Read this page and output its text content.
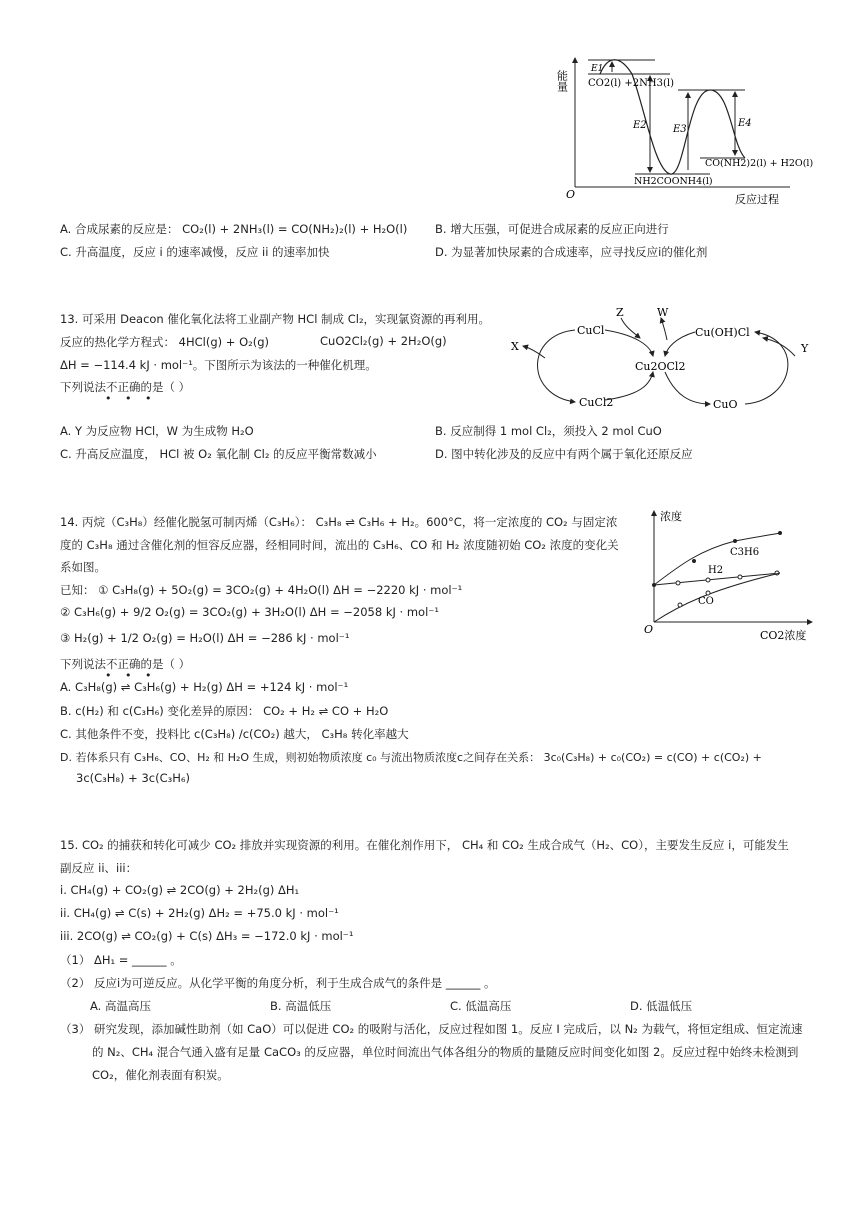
能量
O	反应过程
E1
E2	E3
E4
CO2(l) +2NH3(l)
CO(NH2)2(l) + H2O(l)
NH2COONH4(l)
A. 合成尿素的反应是： CO₂(l) + 2NH₃(l) = CO(NH₂)₂(l) + H₂O(l) B. 增大压强，可促进合成尿素的反应正向进行
C. 升高温度，反应 i 的速率减慢，反应 ii 的速率加快	D. 为显著加快尿素的合成速率，应寻找反应i的催化剂
13. 可采用 Deacon 催化氧化法将工业副产物 HCl 制成 Cl₂，实现氯资源的再利用。
反应的热化学方程式： 4HCl(g) + O₂(g)	CuO2Cl₂(g) + 2H₂O(g)
ΔH = −114.4 kJ · mol⁻¹。下图所示为该法的一种催化机理。
下列说法不正确的是（ ）
• • •
CuCl	Cu(OH)Cl
Cu2OCl2
CuCl2	CuO
X	Y
Z	W
A. Y 为反应物 HCl，W 为生成物 H₂O	B. 反应制得 1 mol Cl₂，须投入 2 mol CuO
C. 升高反应温度， HCl 被 O₂ 氧化制 Cl₂ 的反应平衡常数减小	D. 图中转化涉及的反应中有两个属于氧化还原反应
14. 丙烷（C₃H₈）经催化脱氢可制丙烯（C₃H₆）： C₃H₈ ⇌ C₃H₆ + H₂。600°C，将一定浓度的 CO₂ 与固定浓
度的 C₃H₈ 通过含催化剂的恒容反应器，经相同时间，流出的 C₃H₆、CO 和 H₂ 浓度随初始 CO₂ 浓度的变化关
系如图。
已知： ① C₃H₈(g) + 5O₂(g) = 3CO₂(g) + 4H₂O(l) ΔH = −2220 kJ · mol⁻¹
② C₃H₆(g) + 9/2 O₂(g) = 3CO₂(g) + 3H₂O(l) ΔH = −2058 kJ · mol⁻¹
③ H₂(g) + 1/2 O₂(g) = H₂O(l) ΔH = −286 kJ · mol⁻¹
下列说法不正确的是（ ）
• • •
A. C₃H₈(g) ⇌ C₃H₆(g) + H₂(g) ΔH = +124 kJ · mol⁻¹
B. c(H₂) 和 c(C₃H₆) 变化差异的原因： CO₂ + H₂ ⇌ CO + H₂O
C. 其他条件不变，投料比 c(C₃H₈) /c(CO₂) 越大， C₃H₈ 转化率越大
D. 若体系只有 C₃H₆、CO、H₂ 和 H₂O 生成，则初始物质浓度 c₀ 与流出物质浓度c之间存在关系： 3c₀(C₃H₈) + c₀(CO₂) = c(CO) + c(CO₂) +
3c(C₃H₈) + 3c(C₃H₆)
浓度
O	CO2浓度
C3H6
H2
CO
15. CO₂ 的捕获和转化可减少 CO₂ 排放并实现资源的利用。在催化剂作用下， CH₄ 和 CO₂ 生成合成气（H₂、CO），主要发生反应 i，可能发生
副反应 ii、iii：
i. CH₄(g) + CO₂(g) ⇌ 2CO(g) + 2H₂(g) ΔH₁
ii. CH₄(g) ⇌ C(s) + 2H₂(g) ΔH₂ = +75.0 kJ · mol⁻¹
iii. 2CO(g) ⇌ CO₂(g) + C(s) ΔH₃ = −172.0 kJ · mol⁻¹
（1） ΔH₁ = ______ 。
（2） 反应i为可逆反应。从化学平衡的角度分析，利于生成合成气的条件是 ______ 。
A. 高温高压	B. 高温低压	C. 低温高压	D. 低温低压
（3） 研究发现，添加碱性助剂（如 CaO）可以促进 CO₂ 的吸附与活化，反应过程如图 1。反应 I 完成后，以 N₂ 为载气，将恒定组成、恒定流速
的 N₂、CH₄ 混合气通入盛有足量 CaCO₃ 的反应器，单位时间流出气体各组分的物质的量随反应时间变化如图 2。反应过程中始终未检测到
CO₂，催化剂表面有积炭。
